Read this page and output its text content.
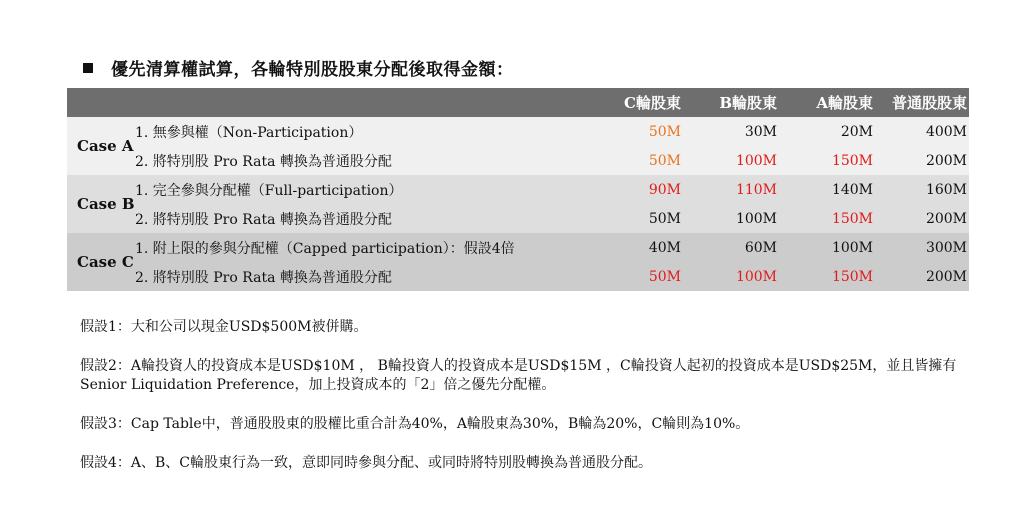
優先清算權試算，各輪特別股股東分配後取得金額：
		C輪股東	B輪股東	A輪股東	普通股股東
Case A	1. 無參與權（Non-Participation）	50M	30M	20M	400M
	2. 將特別股 Pro Rata 轉換為普通股分配	50M	100M	150M	200M
Case B	1. 完全參與分配權（Full-participation）	90M	110M	140M	160M
	2. 將特別股 Pro Rata 轉換為普通股分配	50M	100M	150M	200M
Case C	1. 附上限的參與分配權（Capped participation）：假設4倍	40M	60M	100M	300M
	2. 將特別股 Pro Rata 轉換為普通股分配	50M	100M	150M	200M

假設1：大和公司以現金USD$500M被併購。

假設2：A輪投資人的投資成本是USD$10M ， B輪投資人的投資成本是USD$15M ，C輪投資人起初的投資成本是USD$25M，並且皆擁有Senior Liquidation Preference，加上投資成本的「2」倍之優先分配權。

假設3：Cap Table中，普通股股東的股權比重合計為40%，A輪股東為30%，B輪為20%，C輪則為10%。

假設4：A、B、C輪股東行為一致，意即同時參與分配、或同時將特別股轉換為普通股分配。
